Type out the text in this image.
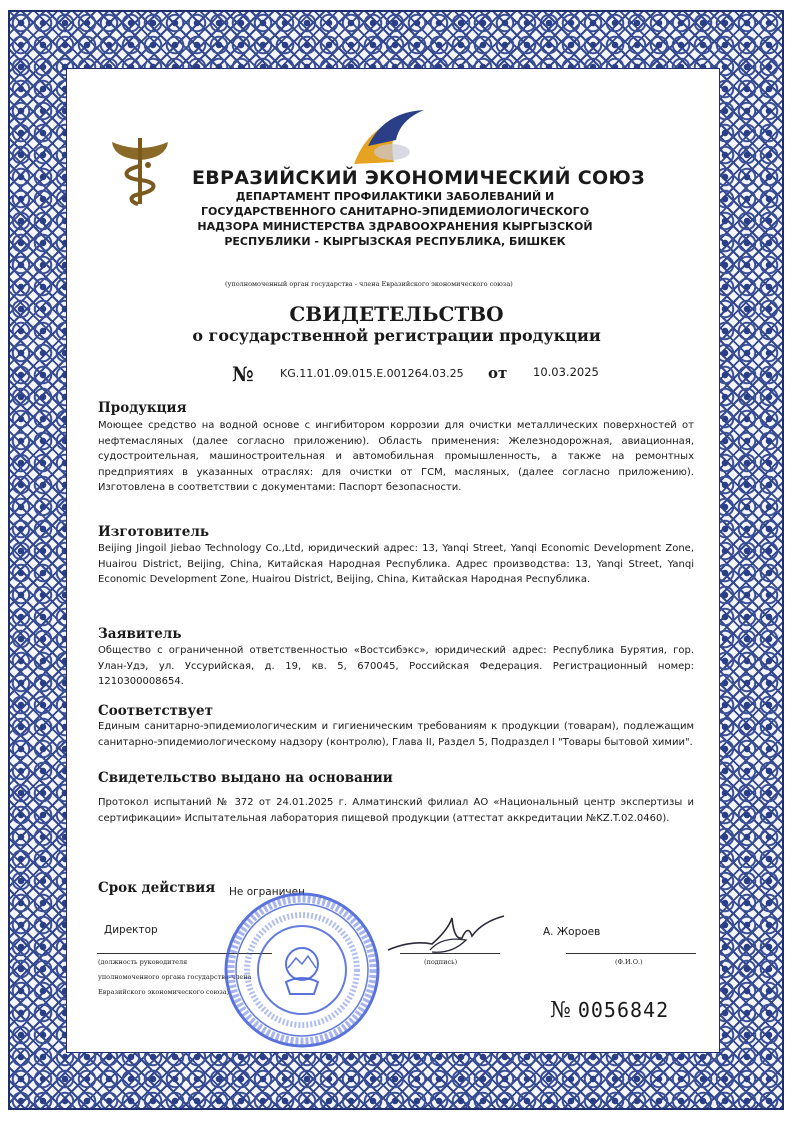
ЕВРАЗИЙСКИЙ ЭКОНОМИЧЕСКИЙ СОЮЗ
ДЕПАРТАМЕНТ ПРОФИЛАКТИКИ ЗАБОЛЕВАНИЙ И
ГОСУДАРСТВЕННОГО САНИТАРНО-ЭПИДЕМИОЛОГИЧЕСКОГО
НАДЗОРА МИНИСТЕРСТВА ЗДРАВООХРАНЕНИЯ КЫРГЫЗСКОЙ
РЕСПУБЛИКИ - КЫРГЫЗСКАЯ РЕСПУБЛИКА, БИШКЕК
(уполномоченный орган государства - члена Евразийского экономического союза)
СВИДЕТЕЛЬСТВО
о государственной регистрации продукции
№ KG.11.01.09.015.E.001264.03.25 от 10.03.2025
Продукция
Моющее средство на водной основе с ингибитором коррозии для очистки металлических поверхностей от нефтемасляных (далее согласно приложению). Область применения: Железнодорожная, авиационная, судостроительная, машиностроительная и автомобильная промышленность, а также на ремонтных предприятиях в указанных отраслях: для очистки от ГСМ, масляных, (далее согласно приложению). Изготовлена в соответствии с документами: Паспорт безопасности.
Изготовитель
Beijing Jingoil Jiebao Technology Co.,Ltd, юридический адрес: 13, Yanqi Street, Yanqi Economic Development Zone, Huairou District, Beijing, China, Китайская Народная Республика. Адрес производства: 13, Yanqi Street, Yanqi Economic Development Zone, Huairou District, Beijing, China, Китайская Народная Республика.
Заявитель
Общество с ограниченной ответственностью «Востсибэкс», юридический адрес: Республика Бурятия, гор. Улан-Удэ, ул. Уссурийская, д. 19, кв. 5, 670045, Российская Федерация. Регистрационный номер: 1210300008654.
Соответствует
Единым санитарно-эпидемиологическим и гигиеническим требованиям к продукции (товарам), подлежащим санитарно-эпидемиологическому надзору (контролю), Глава II, Раздел 5, Подраздел I "Товары бытовой химии".
Свидетельство выдано на основании
Протокол испытаний № 372 от 24.01.2025 г. Алматинский филиал АО «Национальный центр экспертизы и сертификации» Испытательная лаборатория пищевой продукции (аттестат аккредитации №KZ.T.02.0460).
Срок действия Не ограничен
Директор	А. Жороев
(должность руководителя
уполномоченного органа государства-члена
Евразийского экономического союза)
(подпись)	(Ф.И.О.)
№ 0056842
